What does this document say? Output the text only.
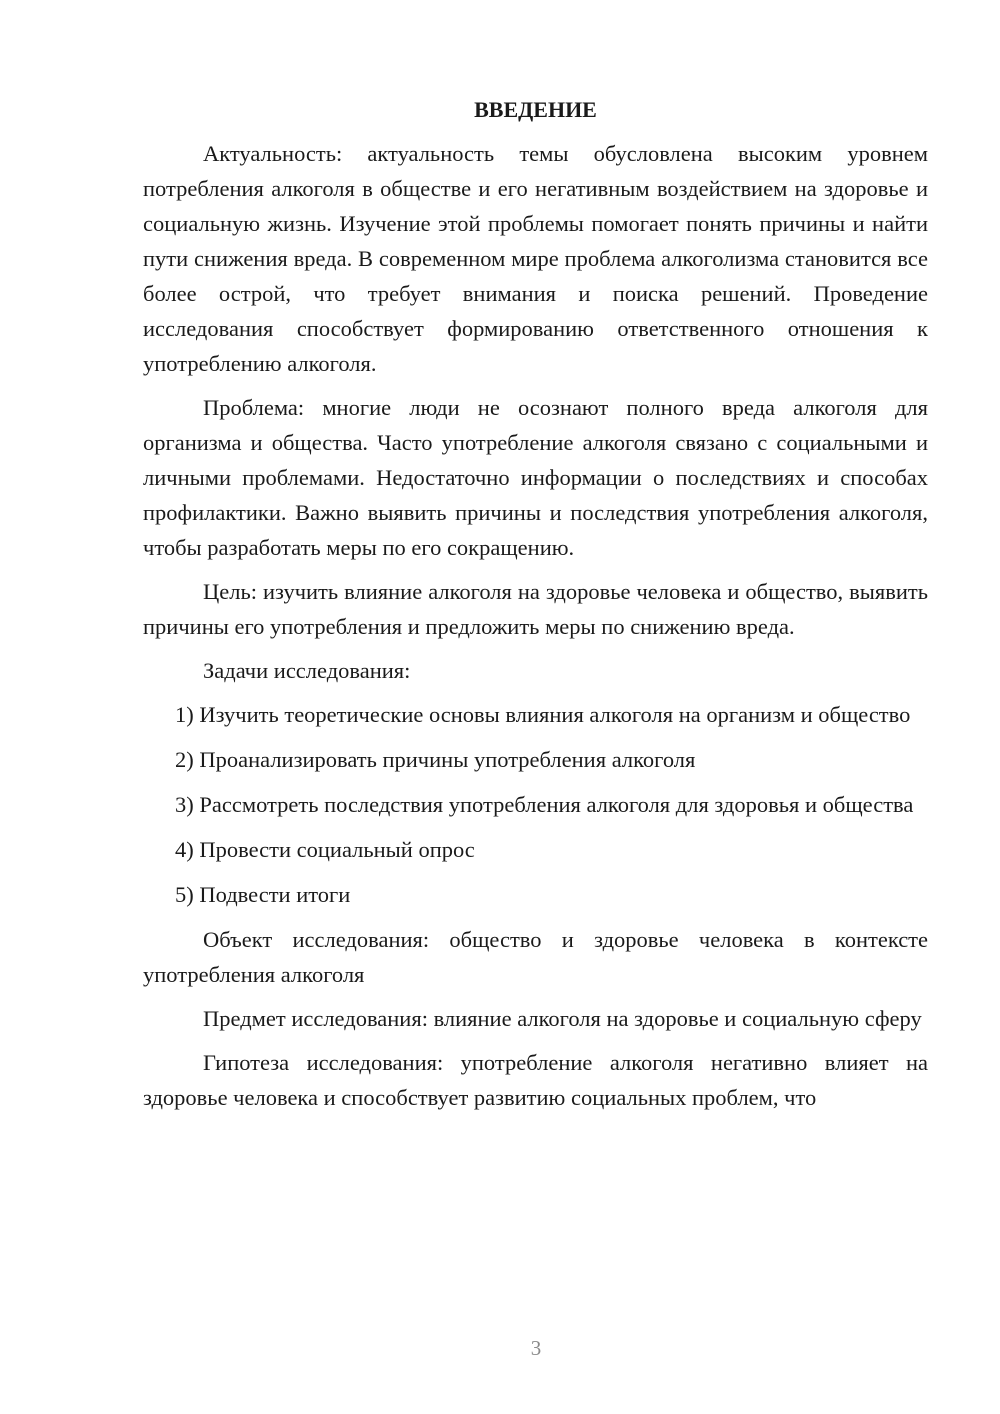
ВВЕДЕНИЕ

Актуальность: актуальность темы обусловлена высоким уровнем потребления алкоголя в обществе и его негативным воздействием на здоровье и социальную жизнь. Изучение этой проблемы помогает понять причины и найти пути снижения вреда. В современном мире проблема алкоголизма становится все более острой, что требует внимания и поиска решений. Проведение исследования способствует формированию ответственного отношения к употреблению алкоголя.

Проблема: многие люди не осознают полного вреда алкоголя для организма и общества. Часто употребление алкоголя связано с социальными и личными проблемами. Недостаточно информации о последствиях и способах профилактики. Важно выявить причины и последствия употребления алкоголя, чтобы разработать меры по его сокращению.

Цель: изучить влияние алкоголя на здоровье человека и общество, выявить причины его употребления и предложить меры по снижению вреда.

Задачи исследования:

1) Изучить теоретические основы влияния алкоголя на организм и общество

2) Проанализировать причины употребления алкоголя

3) Рассмотреть последствия употребления алкоголя для здоровья и общества

4) Провести социальный опрос

5) Подвести итоги

Объект исследования: общество и здоровье человека в контексте употребления алкоголя

Предмет исследования: влияние алкоголя на здоровье и социальную сферу

Гипотеза исследования: употребление алкоголя негативно влияет на здоровье человека и способствует развитию социальных проблем, что

3
